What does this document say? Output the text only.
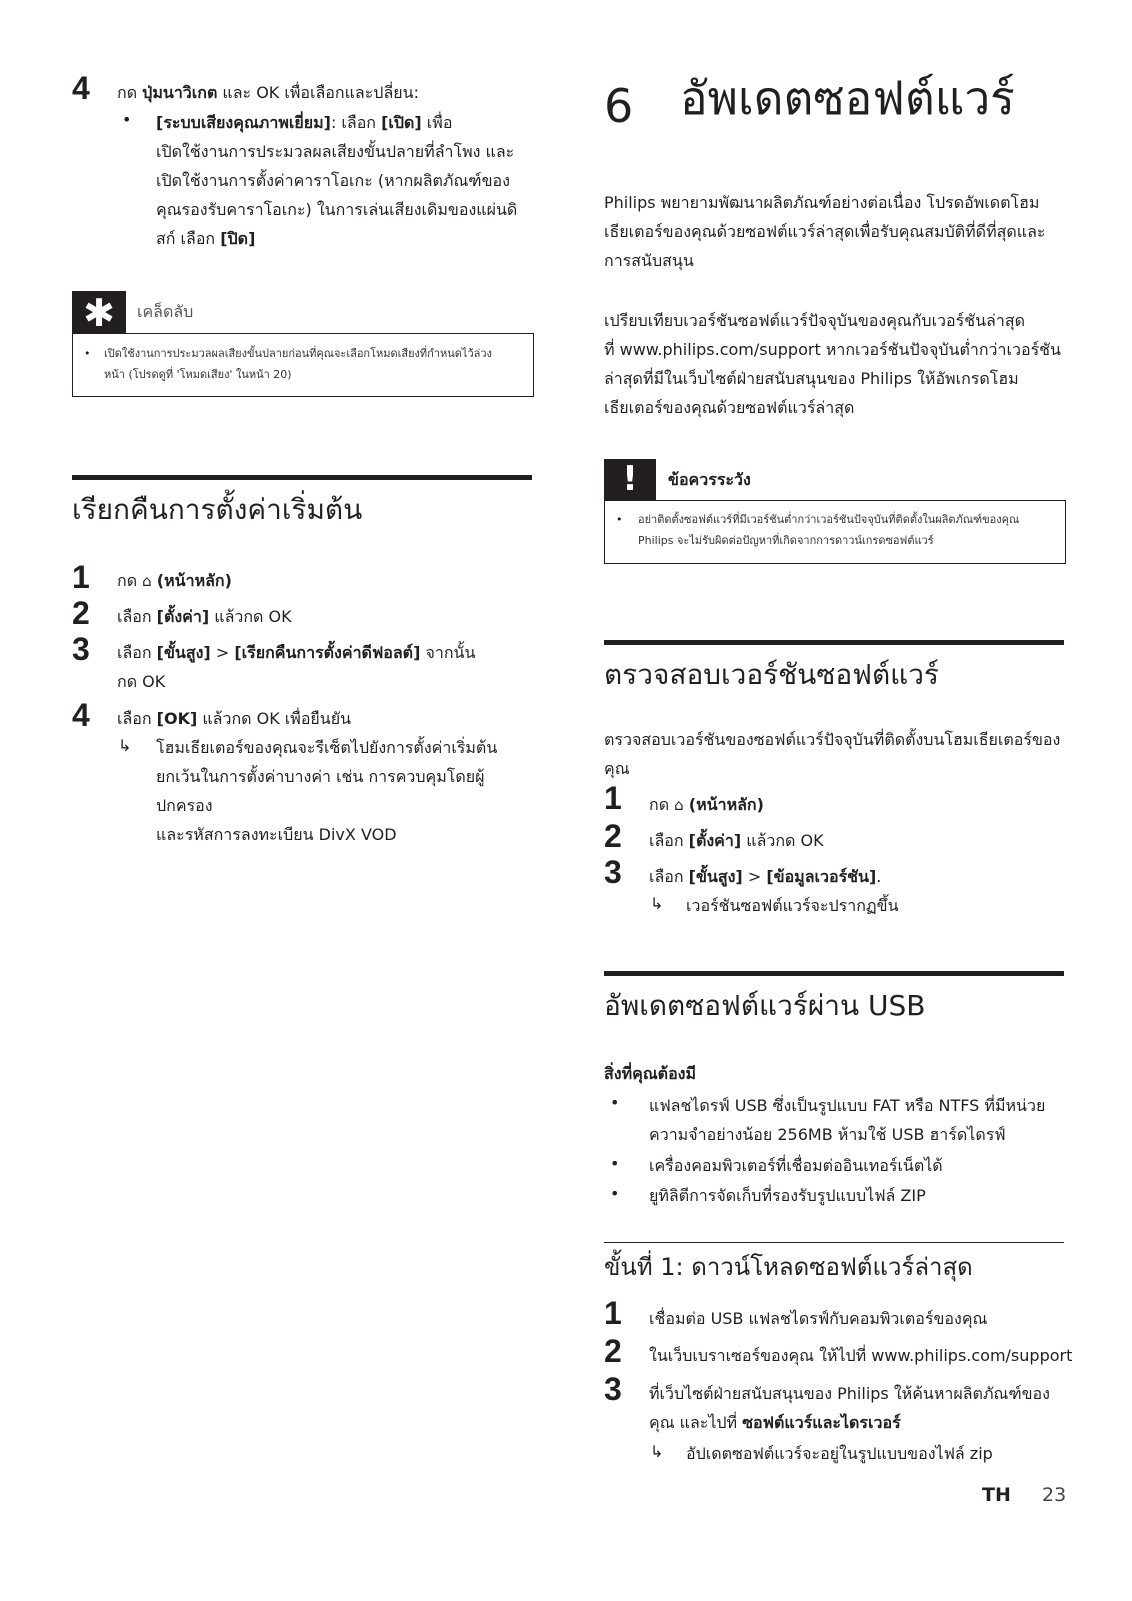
4 กด ปุ่มนาวิเกต และ OK เพื่อเลือกและปลี่ยน:
• [ระบบเสียงคุณภาพเยี่ยม]: เลือก [เปิด] เพื่อ
เปิดใช้งานการประมวลผลเสียงขั้นปลายที่ลำโพง และ
เปิดใช้งานการตั้งค่าคาราโอเกะ (หากผลิตภัณฑ์ของ
คุณรองรับคาราโอเกะ) ในการเล่นเสียงเดิมของแผ่นดิ
สก์ เลือก [ปิด]
✱	เคล็ดลับ
• เปิดใช้งานการประมวลผลเสียงขั้นปลายก่อนที่คุณจะเลือกโหมดเสียงที่กำหนดไว้ล่วง
หน้า (โปรดดูที่ 'โหมดเสียง' ในหน้า 20)
เรียกคืนการตั้งค่าเริ่มต้น
1 กด ⌂ (หน้าหลัก)
2 เลือก [ตั้งค่า] แล้วกด OK
3 เลือก [ขั้นสูง] > [เรียกคืนการตั้งค่าดีฟอลต์] จากนั้น
กด OK
4 เลือก [OK] แล้วกด OK เพื่อยืนยัน
↳ โฮมเธียเตอร์ของคุณจะรีเซ็ตไปยังการตั้งค่าเริ่มต้น
ยกเว้นในการตั้งค่าบางค่า เช่น การควบคุมโดยผู้ปกครอง
และรหัสการลงทะเบียน DivX VOD
6 อัพเดตซอฟต์แวร์
Philips พยายามพัฒนาผลิตภัณฑ์อย่างต่อเนื่อง โปรดอัพเดตโฮม
เธียเตอร์ของคุณด้วยซอฟต์แวร์ล่าสุดเพื่อรับคุณสมบัติที่ดีที่สุดและ
การสนับสนุน
เปรียบเทียบเวอร์ชันซอฟต์แวร์ปัจจุบันของคุณกับเวอร์ชันล่าสุด
ที่ www.philips.com/support หากเวอร์ชันปัจจุบันต่ำกว่าเวอร์ชัน
ล่าสุดที่มีในเว็บไซต์ฝ่ายสนับสนุนของ Philips ให้อัพเกรดโฮม
เธียเตอร์ของคุณด้วยซอฟต์แวร์ล่าสุด
!	ข้อควรระวัง
• อย่าติดตั้งซอฟต์แวร์ที่มีเวอร์ชันต่ำกว่าเวอร์ชันปัจจุบันที่ติดตั้งในผลิตภัณฑ์ของคุณ
Philips จะไม่รับผิดต่อปัญหาที่เกิดจากการดาวน์เกรดซอฟต์แวร์
ตรวจสอบเวอร์ชันซอฟต์แวร์
ตรวจสอบเวอร์ชันของซอฟต์แวร์ปัจจุบันที่ติดตั้งบนโฮมเธียเตอร์ของ
คุณ
1 กด ⌂ (หน้าหลัก)
2 เลือก [ตั้งค่า] แล้วกด OK
3 เลือก [ขั้นสูง] > [ข้อมูลเวอร์ชัน].
↳ เวอร์ชันซอฟต์แวร์จะปรากฏขึ้น
อัพเดตซอฟต์แวร์ผ่าน USB
สิ่งที่คุณต้องมี
• แฟลชไดรฟ์ USB ซึ่งเป็นรูปแบบ FAT หรือ NTFS ที่มีหน่วย
ความจำอย่างน้อย 256MB ห้ามใช้ USB ฮาร์ดไดรฟ์
• เครื่องคอมพิวเตอร์ที่เชื่อมต่ออินเทอร์เน็ตได้
• ยูทิลิตีการจัดเก็บที่รองรับรูปแบบไฟล์ ZIP
ขั้นที่ 1: ดาวน์โหลดซอฟต์แวร์ล่าสุด
1 เชื่อมต่อ USB แฟลชไดรฟ์กับคอมพิวเตอร์ของคุณ
2 ในเว็บเบราเซอร์ของคุณ ให้ไปที่ www.philips.com/support
3 ที่เว็บไซต์ฝ่ายสนับสนุนของ Philips ให้ค้นหาผลิตภัณฑ์ของ
คุณ และไปที่ ซอฟต์แวร์และไดรเวอร์
↳ อัปเดตซอฟต์แวร์จะอยู่ในรูปแบบของไฟล์ zip
TH 23
